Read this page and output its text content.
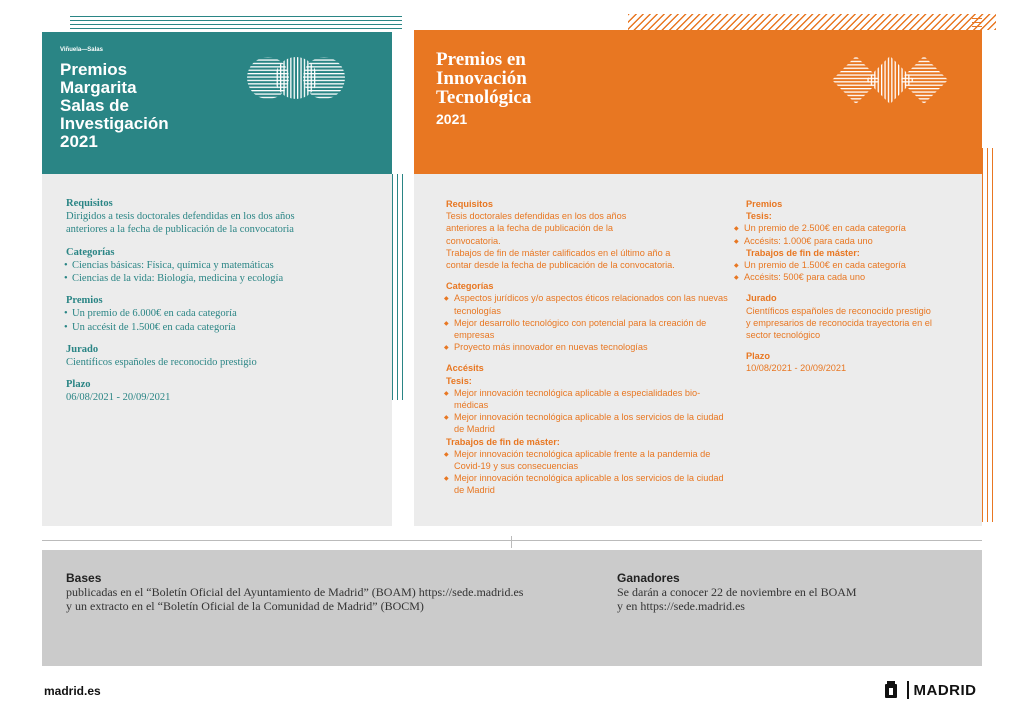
Viñuela—Salas
Premios
Margarita
Salas de
Investigación
2021

Requisitos

Dirigidos a tesis doctorales defendidas en los dos años anteriores a la fecha de publicación de la convocatoria

Categorías

• Ciencias básicas: Física, química y matemáticas
• Ciencias de la vida: Biología, medicina y ecología

Premios

• Un premio de 6.000€ en cada categoría
• Un accésit de 1.500€ en cada categoría

Jurado

Científicos españoles de reconocido prestigio

Plazo

06/08/2021 - 20/09/2021

Premios en
Innovación
Tecnológica
2021

Requisitos

Tesis doctorales defendidas en los dos años anteriores a la fecha de publicación de la convocatoria.

Trabajos de fin de máster calificados en el último año a contar desde la fecha de publicación de la convocatoria.

Categorías

◆ Aspectos jurídicos y/o aspectos éticos relacionados con las nuevas tecnologías
◆ Mejor desarrollo tecnológico con potencial para la creación de empresas
◆ Proyecto más innovador en nuevas tecnologías

Accésits

Tesis:

◆ Mejor innovación tecnológica aplicable a especialidades bio-médicas
◆ Mejor innovación tecnológica aplicable a los servicios de la ciudad de Madrid

Trabajos de fin de máster:

◆ Mejor innovación tecnológica aplicable frente a la pandemia de Covid-19 y sus consecuencias
◆ Mejor innovación tecnológica aplicable a los servicios de la ciudad de Madrid

Premios

Tesis:

◆ Un premio de 2.500€ en cada categoría
◆ Accésits: 1.000€ para cada uno

Trabajos de fin de máster:

◆ Un premio de 1.500€ en cada categoría
◆ Accésits: 500€ para cada uno

Jurado

Científicos españoles de reconocido prestigio y empresarios de reconocida trayectoria en el sector tecnológico

Plazo

10/08/2021 - 20/09/2021

Bases

publicadas en el “Boletín Oficial del Ayuntamiento de Madrid” (BOAM) https://sede.madrid.es

y un extracto en el “Boletín Oficial de la Comunidad de Madrid” (BOCM)

Ganadores

Se darán a conocer 22 de noviembre en el BOAM

y en https://sede.madrid.es

madrid.es	MADRID
